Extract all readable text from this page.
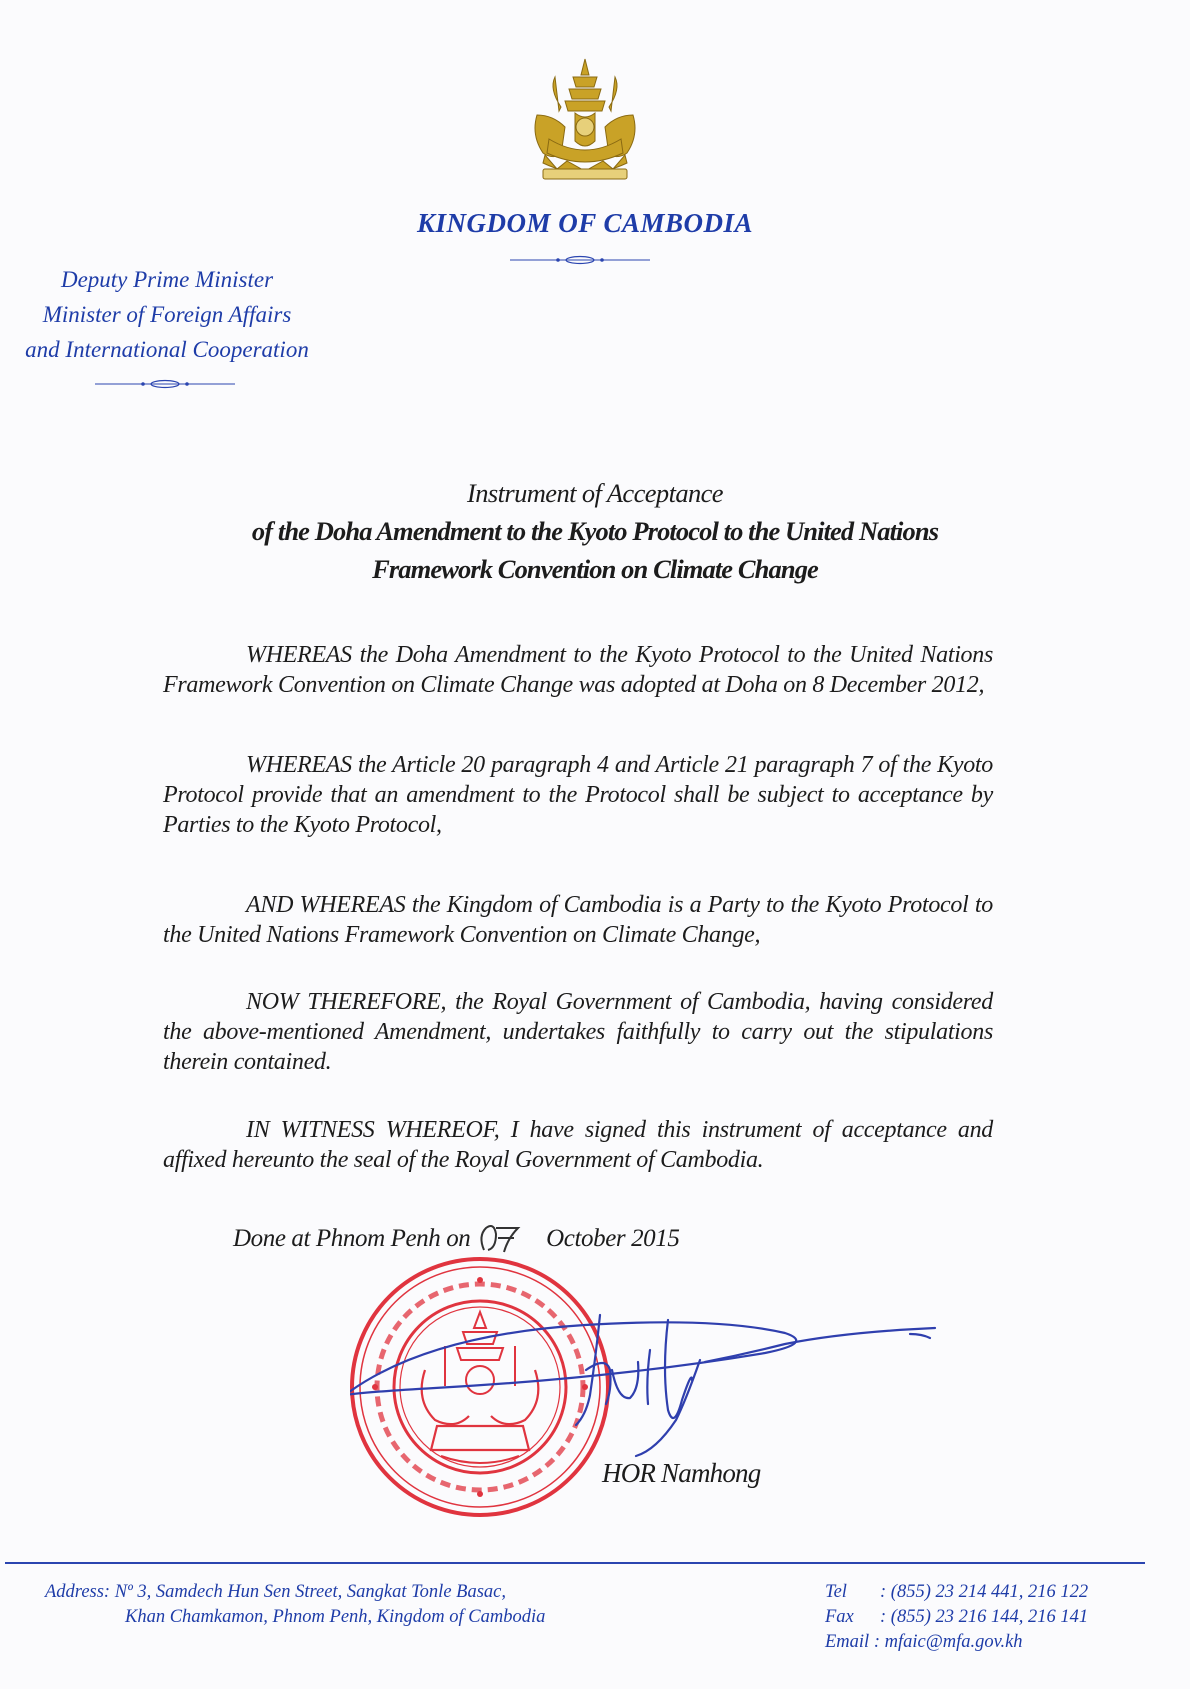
KINGDOM OF CAMBODIA
Deputy Prime Minister
Minister of Foreign Affairs
and International Cooperation
Instrument of Acceptance
of the Doha Amendment to the Kyoto Protocol to the United Nations
Framework Convention on Climate Change

WHEREAS the Doha Amendment to the Kyoto Protocol to the United Nations Framework Convention on Climate Change was adopted at Doha on 8 December 2012,

WHEREAS the Article 20 paragraph 4 and Article 21 paragraph 7 of the Kyoto Protocol provide that an amendment to the Protocol shall be subject to acceptance by Parties to the Kyoto Protocol,

AND WHEREAS the Kingdom of Cambodia is a Party to the Kyoto Protocol to the United Nations Framework Convention on Climate Change,

NOW THEREFORE, the Royal Government of Cambodia, having considered the above-mentioned Amendment, undertakes faithfully to carry out the stipulations therein contained.

IN WITNESS WHEREOF, I have signed this instrument of acceptance and affixed hereunto the seal of the Royal Government of Cambodia.

Done at Phnom Penh on	October 2015
HOR Namhong
Address: Nº 3, Samdech Hun Sen Street, Sangkat Tonle Basac,
Khan Chamkamon, Phnom Penh, Kingdom of Cambodia
Tel : (855) 23 214 441, 216 122
Fax : (855) 23 216 144, 216 141
Email : mfaic@mfa.gov.kh
